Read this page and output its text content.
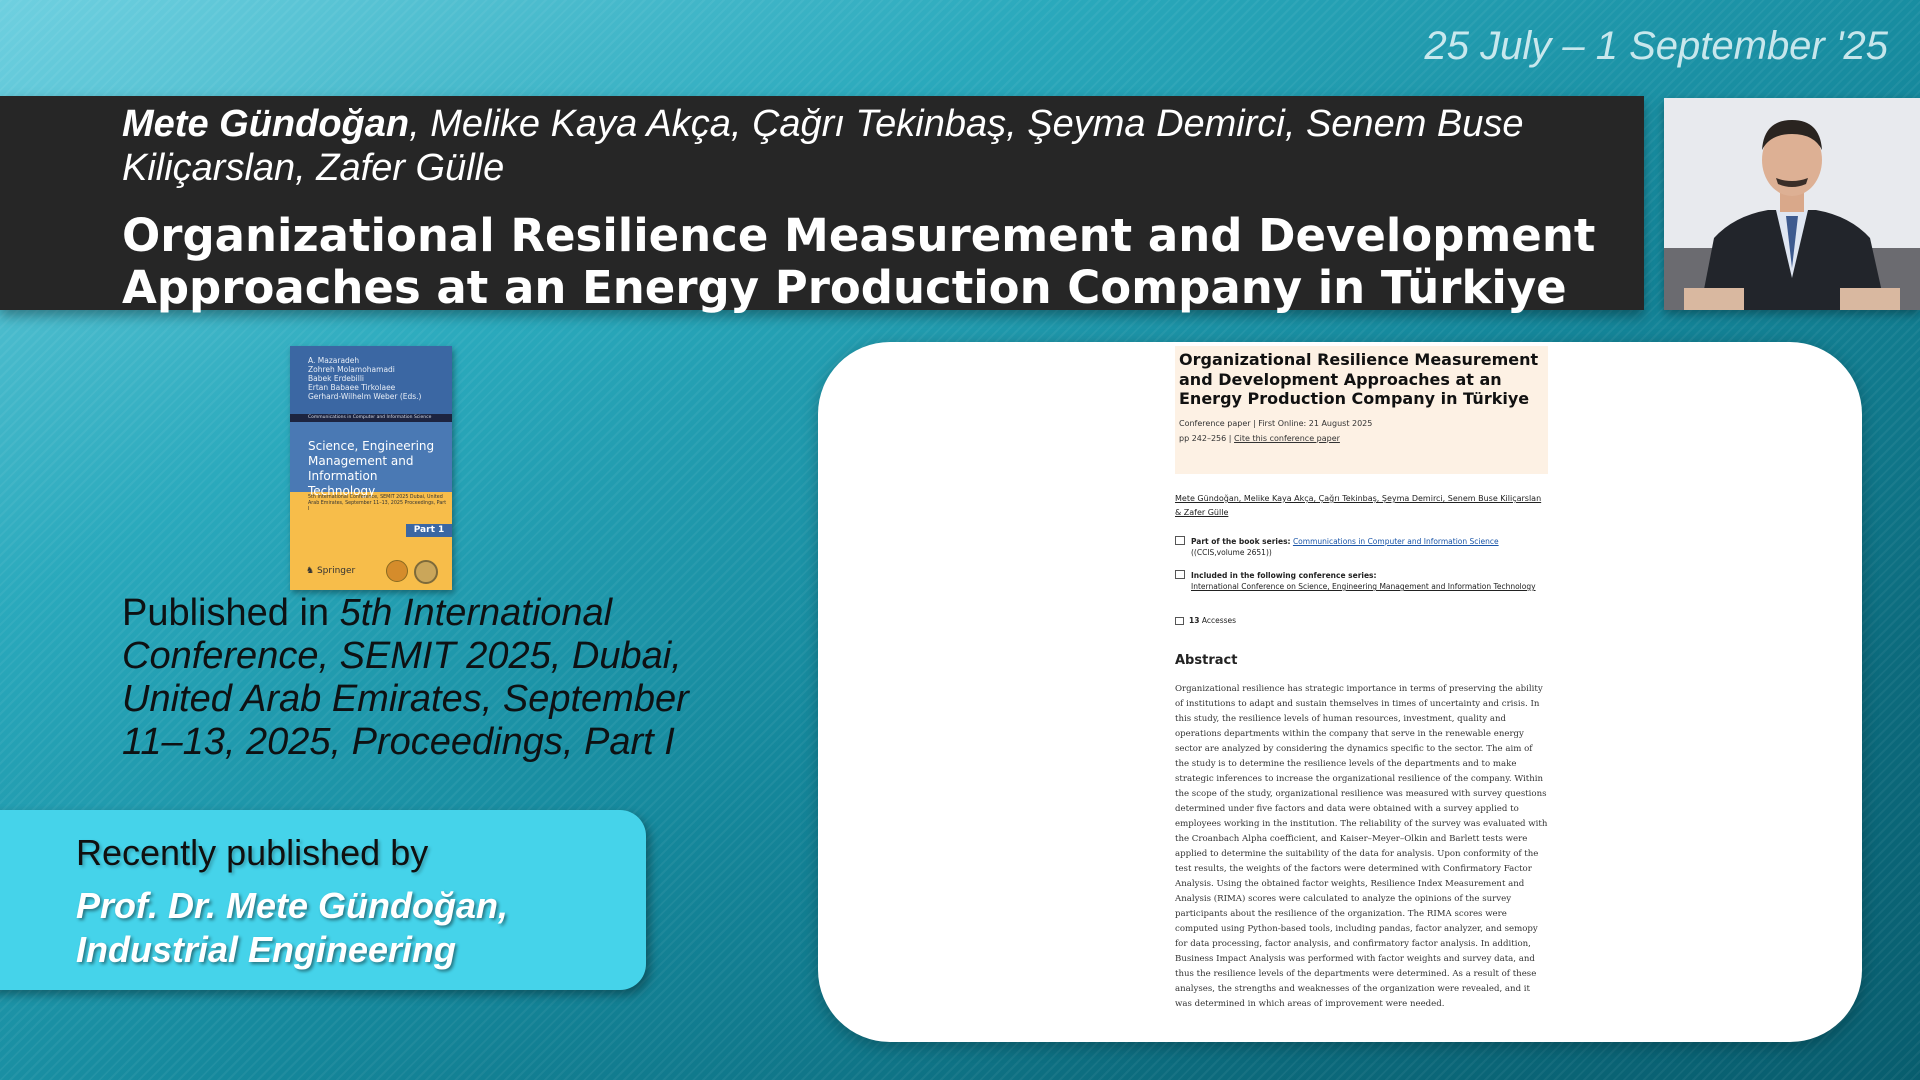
25 July – 1 September '25
Mete Gündoğan, Melike Kaya Akça, Çağrı Tekinbaş, Şeyma Demirci, Senem Buse Kiliçarslan, Zafer Gülle
Organizational Resilience Measurement and Development Approaches at an Energy Production Company in Türkiye
A. Mazaradeh
Zohreh Molamohamadi
Babek Erdebilli
Ertan Babaee Tirkolaee
Gerhard-Wilhelm Weber (Eds.)
Communications in Computer and Information Science
Science, Engineering Management and Information Technology
5th International Conference, SEMIT 2025 Dubai, United Arab Emirates, September 11–13, 2025 Proceedings, Part I
Part 1
♞ Springer
Published in 5th International Conference, SEMIT 2025, Dubai, United Arab Emirates, September 11–13, 2025, Proceedings, Part I
Recently published by
Prof. Dr. Mete Gündoğan, Industrial Engineering
Organizational Resilience Measurement and Development Approaches at an Energy Production Company in Türkiye
Conference paper | First Online: 21 August 2025
pp 242–256 | Cite this conference paper
Mete Gündoğan, Melike Kaya Akça, Çağrı Tekinbaş, Şeyma Demirci, Senem Buse Kiliçarslan & Zafer Gülle
Part of the book series: Communications in Computer and Information Science ((CCIS,volume 2651))
Included in the following conference series:
International Conference on Science, Engineering Management and Information Technology
13 Accesses
Abstract
Organizational resilience has strategic importance in terms of preserving the ability of institutions to adapt and sustain themselves in times of uncertainty and crisis. In this study, the resilience levels of human resources, investment, quality and operations departments within the company that serve in the renewable energy sector are analyzed by considering the dynamics specific to the sector. The aim of the study is to determine the resilience levels of the departments and to make strategic inferences to increase the organizational resilience of the company. Within the scope of the study, organizational resilience was measured with survey questions determined under five factors and data were obtained with a survey applied to employees working in the institution. The reliability of the survey was evaluated with the Croanbach Alpha coefficient, and Kaiser–Meyer–Olkin and Barlett tests were applied to determine the suitability of the data for analysis. Upon conformity of the test results, the weights of the factors were determined with Confirmatory Factor Analysis. Using the obtained factor weights, Resilience Index Measurement and Analysis (RIMA) scores were calculated to analyze the opinions of the survey participants about the resilience of the organization. The RIMA scores were computed using Python-based tools, including pandas, factor analyzer, and semopy for data processing, factor analysis, and confirmatory factor analysis. In addition, Business Impact Analysis was performed with factor weights and survey data, and thus the resilience levels of the departments were determined. As a result of these analyses, the strengths and weaknesses of the organization were revealed, and it was determined in which areas of improvement were needed.
